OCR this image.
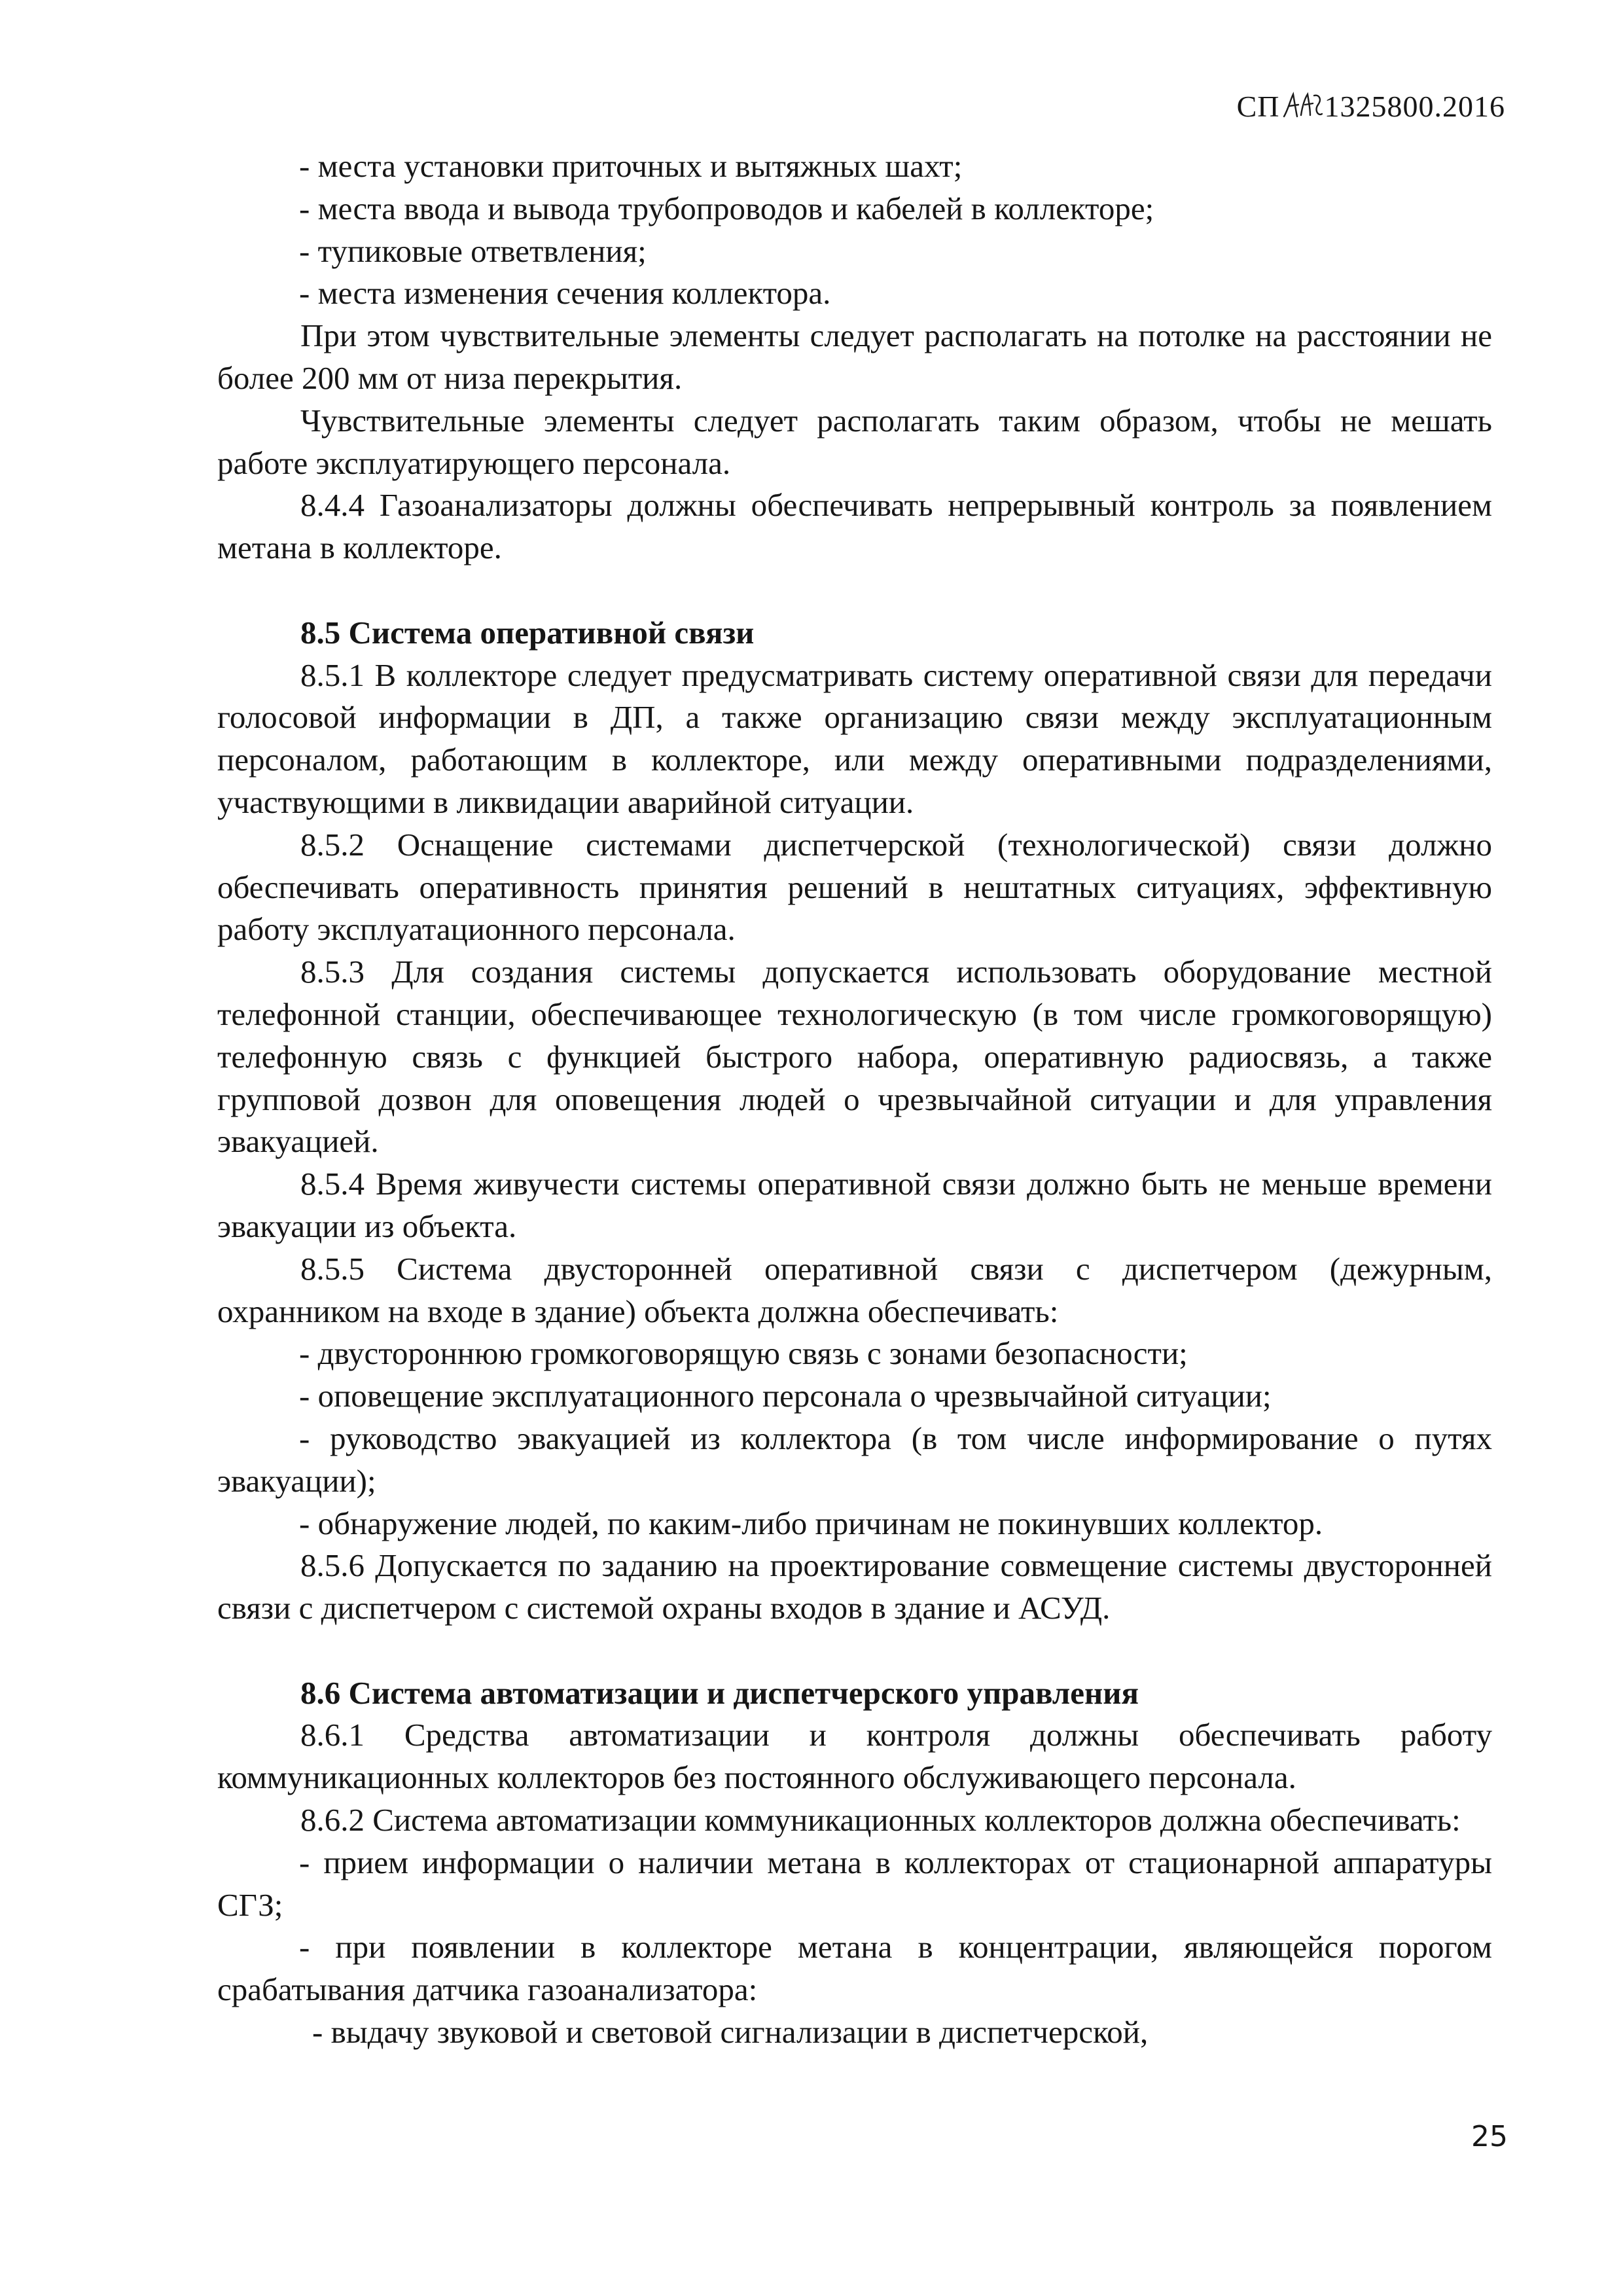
СП 1325800.2016

- места установки приточных и вытяжных шахт;

- места ввода и вывода трубопроводов и кабелей в коллекторе;

- тупиковые ответвления;

- места изменения сечения коллектора.

При этом чувствительные элементы следует располагать на потолке на расстоянии не более 200 мм от низа перекрытия.

Чувствительные элементы следует располагать таким образом, чтобы не мешать работе эксплуатирующего персонала.

8.4.4 Газоанализаторы должны обеспечивать непрерывный контроль за появлением метана в коллекторе.

8.5 Система оперативной связи

8.5.1 В коллекторе следует предусматривать систему оперативной связи для передачи голосовой информации в ДП, а также организацию связи между эксплуатационным персоналом, работающим в коллекторе, или между оперативными подразделениями, участвующими в ликвидации аварийной ситуации.

8.5.2 Оснащение системами диспетчерской (технологической) связи должно обеспечивать оперативность принятия решений в нештатных ситуациях, эффективную работу эксплуатационного персонала.

8.5.3 Для создания системы допускается использовать оборудование местной телефонной станции, обеспечивающее технологическую (в том числе громкоговорящую) телефонную связь с функцией быстрого набора, оперативную радиосвязь, а также групповой дозвон для оповещения людей о чрезвычайной ситуации и для управления эвакуацией.

8.5.4 Время живучести системы оперативной связи должно быть не меньше времени эвакуации из объекта.

8.5.5 Система двусторонней оперативной связи с диспетчером (дежурным, охранником на входе в здание) объекта должна обеспечивать:

- двустороннюю громкоговорящую связь с зонами безопасности;

- оповещение эксплуатационного персонала о чрезвычайной ситуации;

- руководство эвакуацией из коллектора (в том числе информирование о путях эвакуации);

- обнаружение людей, по каким-либо причинам не покинувших коллектор.

8.5.6 Допускается по заданию на проектирование совмещение системы двусторонней связи с диспетчером с системой охраны входов в здание и АСУД.

8.6 Система автоматизации и диспетчерского управления

8.6.1 Средства автоматизации и контроля должны обеспечивать работу коммуникационных коллекторов без постоянного обслуживающего персонала.

8.6.2 Система автоматизации коммуникационных коллекторов должна обеспечивать:

- прием информации о наличии метана в коллекторах от стационарной аппаратуры СГЗ;

- при появлении в коллекторе метана в концентрации, являющейся порогом срабатывания датчика газоанализатора:

- выдачу звуковой и световой сигнализации в диспетчерской,

25
